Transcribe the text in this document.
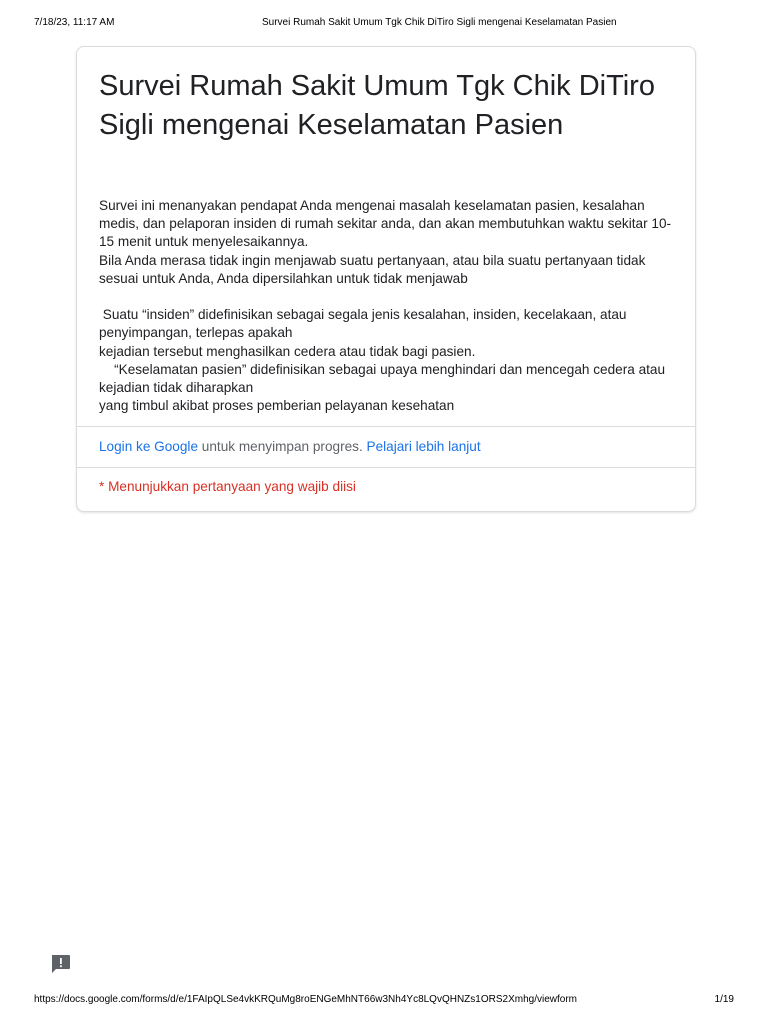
7/18/23, 11:17 AM	Survei Rumah Sakit Umum Tgk Chik DiTiro Sigli mengenai Keselamatan Pasien
Survei Rumah Sakit Umum Tgk Chik DiTiro Sigli mengenai Keselamatan Pasien

Survei ini menanyakan pendapat Anda mengenai masalah keselamatan pasien, kesalahan medis, dan pelaporan insiden di rumah sekitar anda, dan akan membutuhkan waktu sekitar 10-15 menit untuk menyelesaikannya.
Bila Anda merasa tidak ingin menjawab suatu pertanyaan, atau bila suatu pertanyaan tidak sesuai untuk Anda, Anda dipersilahkan untuk tidak menjawab

Suatu “insiden” didefinisikan sebagai segala jenis kesalahan, insiden, kecelakaan, atau penyimpangan, terlepas apakah
kejadian tersebut menghasilkan cedera atau tidak bagi pasien.
“Keselamatan pasien” didefinisikan sebagai upaya menghindari dan mencegah cedera atau kejadian tidak diharapkan
yang timbul akibat proses pemberian pelayanan kesehatan

Login ke Google untuk menyimpan progres. Pelajari lebih lanjut
* Menunjukkan pertanyaan yang wajib diisi
https://docs.google.com/forms/d/e/1FAIpQLSe4vkKRQuMg8roENGeMhNT66w3Nh4Yc8LQvQHNZs1ORS2Xmhg/viewform	1/19
